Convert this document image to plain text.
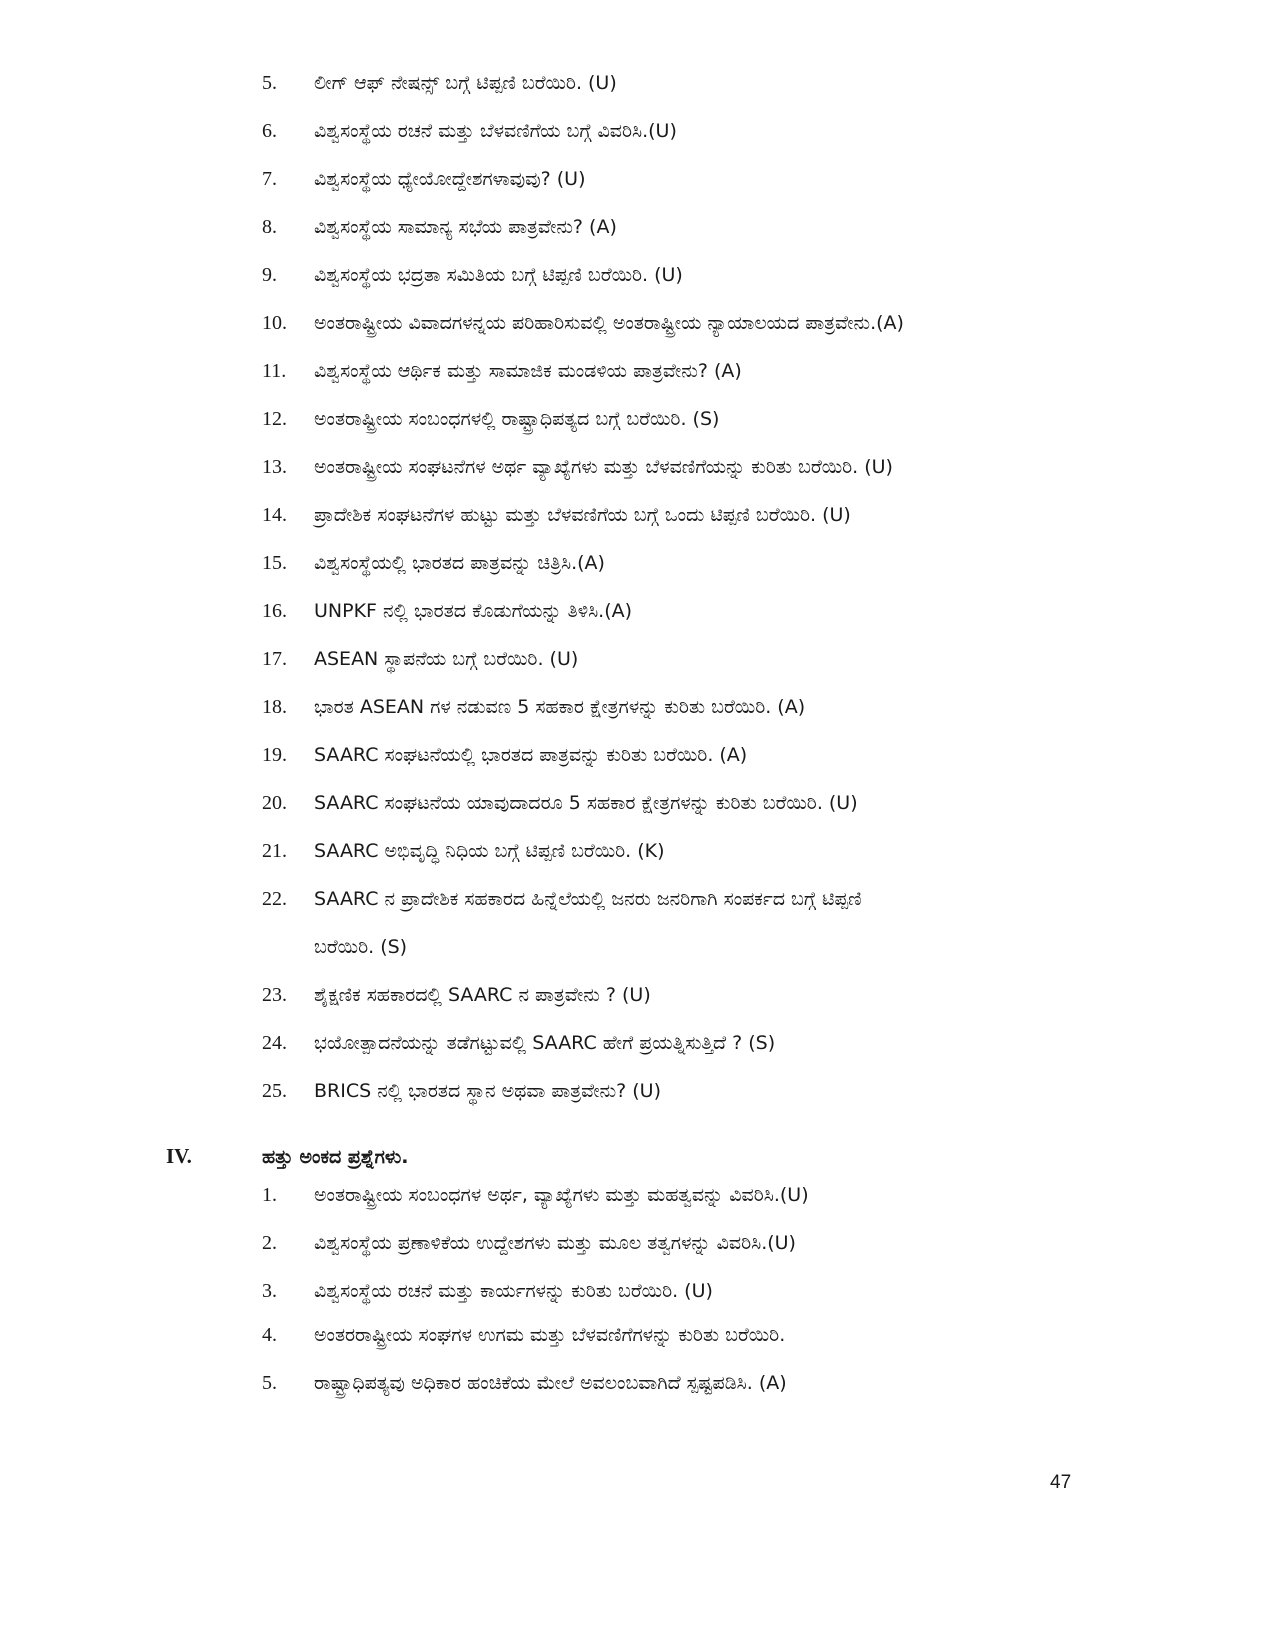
5. ಲೀಗ್ ಆಫ್ ನೇಷನ್ಸ್ ಬಗ್ಗೆ ಟಿಪ್ಪಣಿ ಬರೆಯಿರಿ. (U)
6. ವಿಶ್ವಸಂಸ್ಥೆಯ ರಚನೆ ಮತ್ತು ಬೆಳವಣಿಗೆಯ ಬಗ್ಗೆ ವಿವರಿಸಿ.(U)
7. ವಿಶ್ವಸಂಸ್ಥೆಯ ಧ್ಯೇಯೋದ್ದೇಶಗಳಾವುವು? (U)
8. ವಿಶ್ವಸಂಸ್ಥೆಯ ಸಾಮಾನ್ಯ ಸಭೆಯ ಪಾತ್ರವೇನು? (A)
9. ವಿಶ್ವಸಂಸ್ಥೆಯ ಭದ್ರತಾ ಸಮಿತಿಯ ಬಗ್ಗೆ ಟಿಪ್ಪಣಿ ಬರೆಯಿರಿ. (U)
10. ಅಂತರಾಷ್ಟ್ರೀಯ ವಿವಾದಗಳನ್ನಯ ಪರಿಹಾರಿಸುವಲ್ಲಿ ಅಂತರಾಷ್ಟ್ರೀಯ ನ್ಯಾಯಾಲಯದ ಪಾತ್ರವೇನು.(A)
11. ವಿಶ್ವಸಂಸ್ಥೆಯ ಆರ್ಥಿಕ ಮತ್ತು ಸಾಮಾಜಿಕ ಮಂಡಳಿಯ ಪಾತ್ರವೇನು? (A)
12. ಅಂತರಾಷ್ಟ್ರೀಯ ಸಂಬಂಧಗಳಲ್ಲಿ ರಾಷ್ಟ್ರಾಧಿಪತ್ಯದ ಬಗ್ಗೆ ಬರೆಯಿರಿ. (S)
13. ಅಂತರಾಷ್ಟ್ರೀಯ ಸಂಘಟನೆಗಳ ಅರ್ಥ ವ್ಯಾಖ್ಯೆಗಳು ಮತ್ತು ಬೆಳವಣಿಗೆಯನ್ನು ಕುರಿತು ಬರೆಯಿರಿ. (U)
14. ಪ್ರಾದೇಶಿಕ ಸಂಘಟನೆಗಳ ಹುಟ್ಟು ಮತ್ತು ಬೆಳವಣಿಗೆಯ ಬಗ್ಗೆ ಒಂದು ಟಿಪ್ಪಣಿ ಬರೆಯಿರಿ. (U)
15. ವಿಶ್ವಸಂಸ್ಥೆಯಲ್ಲಿ ಭಾರತದ ಪಾತ್ರವನ್ನು ಚಿತ್ರಿಸಿ.(A)
16. UNPKF ನಲ್ಲಿ ಭಾರತದ ಕೊಡುಗೆಯನ್ನು ತಿಳಿಸಿ.(A)
17. ASEAN ಸ್ಥಾಪನೆಯ ಬಗ್ಗೆ ಬರೆಯಿರಿ. (U)
18. ಭಾರತ ASEAN ಗಳ ನಡುವಣ 5 ಸಹಕಾರ ಕ್ಷೇತ್ರಗಳನ್ನು ಕುರಿತು ಬರೆಯಿರಿ. (A)
19. SAARC ಸಂಘಟನೆಯಲ್ಲಿ ಭಾರತದ ಪಾತ್ರವನ್ನು ಕುರಿತು ಬರೆಯಿರಿ. (A)
20. SAARC ಸಂಘಟನೆಯ ಯಾವುದಾದರೂ 5 ಸಹಕಾರ ಕ್ಷೇತ್ರಗಳನ್ನು ಕುರಿತು ಬರೆಯಿರಿ. (U)
21. SAARC ಅಭಿವೃದ್ಧಿ ನಿಧಿಯ ಬಗ್ಗೆ ಟಿಪ್ಪಣಿ ಬರೆಯಿರಿ. (K)
22. SAARC ನ ಪ್ರಾದೇಶಿಕ ಸಹಕಾರದ ಹಿನ್ನೆಲೆಯಲ್ಲಿ ಜನರು ಜನರಿಗಾಗಿ ಸಂಪರ್ಕದ ಬಗ್ಗೆ ಟಿಪ್ಪಣಿ
ಬರೆಯಿರಿ. (S)
23. ಶೈಕ್ಷಣಿಕ ಸಹಕಾರದಲ್ಲಿ SAARC ನ ಪಾತ್ರವೇನು ? (U)
24. ಭಯೋತ್ಪಾದನೆಯನ್ನು ತಡೆಗಟ್ಟುವಲ್ಲಿ SAARC ಹೇಗೆ ಪ್ರಯತ್ನಿಸುತ್ತಿದೆ ? (S)
25. BRICS ನಲ್ಲಿ ಭಾರತದ ಸ್ಥಾನ ಅಥವಾ ಪಾತ್ರವೇನು? (U)
IV.	ಹತ್ತು ಅಂಕದ ಪ್ರಶ್ನೆಗಳು.
1. ಅಂತರಾಷ್ಟ್ರೀಯ ಸಂಬಂಧಗಳ ಅರ್ಥ, ವ್ಯಾಖ್ಯೆಗಳು ಮತ್ತು ಮಹತ್ವವನ್ನು ವಿವರಿಸಿ.(U)
2. ವಿಶ್ವಸಂಸ್ಥೆಯ ಪ್ರಣಾಳಿಕೆಯ ಉದ್ದೇಶಗಳು ಮತ್ತು ಮೂಲ ತತ್ವಗಳನ್ನು ವಿವರಿಸಿ.(U)
3. ವಿಶ್ವಸಂಸ್ಥೆಯ ರಚನೆ ಮತ್ತು ಕಾರ್ಯಗಳನ್ನು ಕುರಿತು ಬರೆಯಿರಿ. (U)
4. ಅಂತರರಾಷ್ಟ್ರೀಯ ಸಂಘಗಳ ಉಗಮ ಮತ್ತು ಬೆಳವಣಿಗೆಗಳನ್ನು ಕುರಿತು ಬರೆಯಿರಿ.
5. ರಾಷ್ಟ್ರಾಧಿಪತ್ಯವು ಅಧಿಕಾರ ಹಂಚಿಕೆಯ ಮೇಲೆ ಅವಲಂಬವಾಗಿದೆ ಸ್ಪಷ್ಟಪಡಿಸಿ. (A)
47
